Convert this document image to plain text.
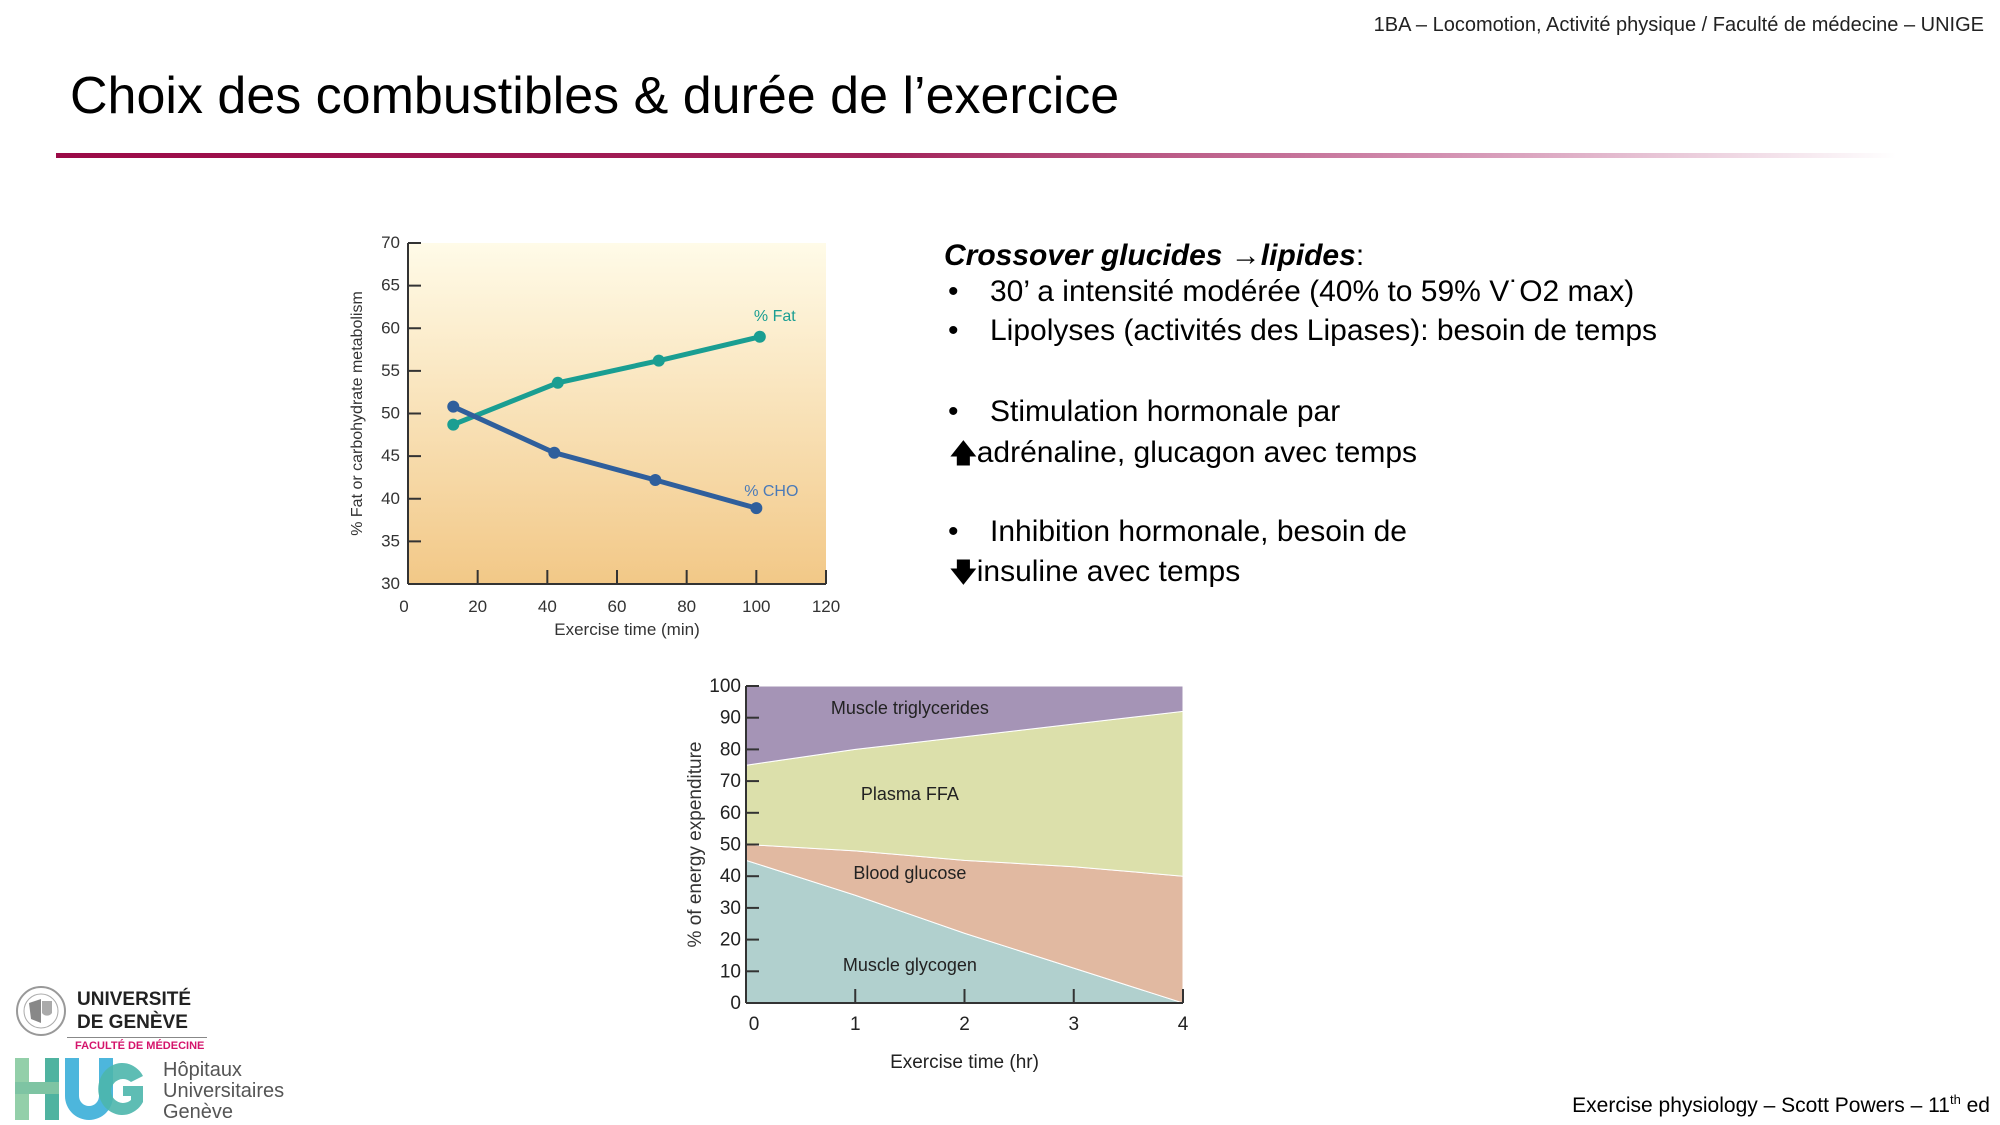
1BA – Locomotion, Activité physique / Faculté de médecine – UNIGE
Choix des combustibles & durée de l’exercice
30
35
40
45
50
55
60
65
70
0	20	40	60	80	100 120
Exercise time (min)
% Fat or carbohydrate metabolism	% Fat
% CHO
Muscle glycogen
Blood glucose
Plasma FFA
Muscle triglycerides
0
10
20
30
40
50
60
70
80
90
100
0	1	2	3	4
Exercise time (hr)
% of energy expenditure
Crossover glucides →lipides:
• 30’ a intensité modérée (40% to 59% V˙O2 max)
• Lipolyses (activités des Lipases): besoin de temps
• Stimulation hormonale par
🡅adrénaline, glucagon avec temps
• Inhibition hormonale, besoin de
🡇insuline avec temps
UNIVERSITÉ
DE GENÈVE
FACULTÉ DE MÉDECINE
Hôpitaux
Universitaires
Genève	Exercise physiology – Scott Powers – 11th ed
